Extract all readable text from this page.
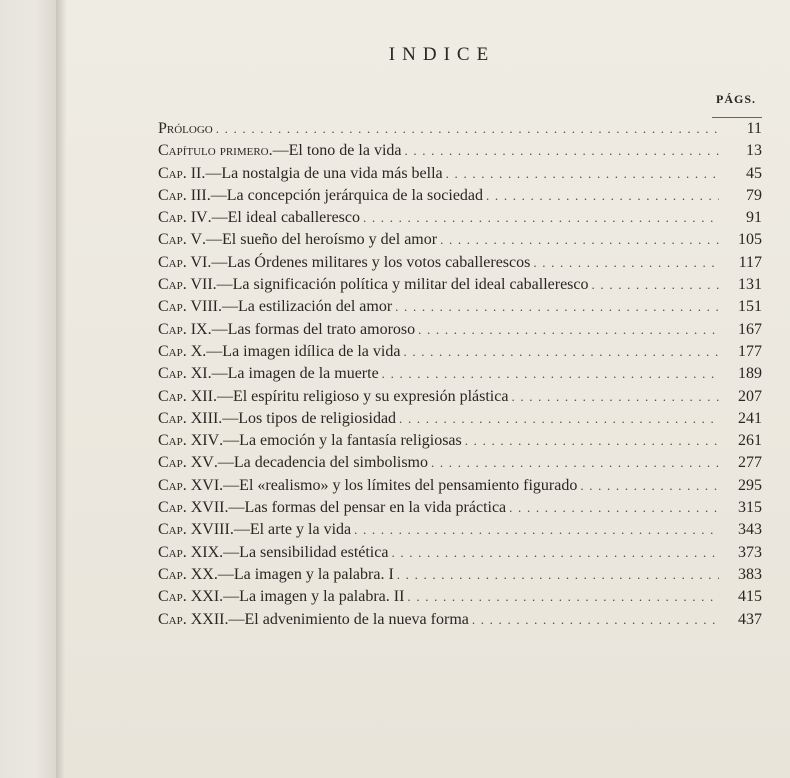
INDICE
PÁGS.
Prólogo . . .	11
Capítulo primero .—El tono de la vida . . .	13
Cap. II .—La nostalgia de una vida más bella . . .	45
Cap. III .—La concepción jerárquica de la sociedad . . .	79
Cap. IV .—El ideal caballeresco . . .	91
Cap. V .—El sueño del heroísmo y del amor . . .	105
Cap. VI .—Las Órdenes militares y los votos caballerescos . . .	117
Cap. VII .—La significación política y militar del ideal caballeresco . . .	131
Cap. VIII .—La estilización del amor . . .	151
Cap. IX .—Las formas del trato amoroso . . .	167
Cap. X .—La imagen idílica de la vida . . .	177
Cap. XI .—La imagen de la muerte . . .	189
Cap. XII .—El espíritu religioso y su expresión plástica . . .	207
Cap. XIII .—Los tipos de religiosidad . . .	241
Cap. XIV .—La emoción y la fantasía religiosas . . .	261
Cap. XV .—La decadencia del simbolismo . . .	277
Cap. XVI .—El «realismo» y los límites del pensamiento figurado . . .	295
Cap. XVII .—Las formas del pensar en la vida práctica . . .	315
Cap. XVIII .—El arte y la vida . . .	343
Cap. XIX .—La sensibilidad estética . . .	373
Cap. XX .—La imagen y la palabra. I . . .	383
Cap. XXI .—La imagen y la palabra. II . . .	415
Cap. XXII .—El advenimiento de la nueva forma . . .	437
